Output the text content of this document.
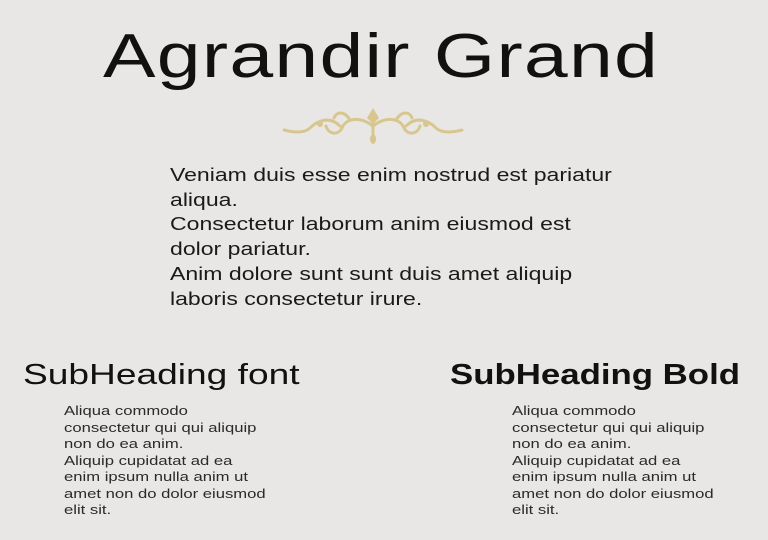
Agrandir Grand
Veniam duis esse enim nostrud est pariatur
aliqua.
Consectetur laborum anim eiusmod est
dolor pariatur.
Anim dolore sunt sunt duis amet aliquip
laboris consectetur irure.
SubHeading font	SubHeading Bold
Aliqua commodo
consectetur qui qui aliquip
non do ea anim.
Aliquip cupidatat ad ea
enim ipsum nulla anim ut
amet non do dolor eiusmod
elit sit.
Aliqua commodo
consectetur qui qui aliquip
non do ea anim.
Aliquip cupidatat ad ea
enim ipsum nulla anim ut
amet non do dolor eiusmod
elit sit.
